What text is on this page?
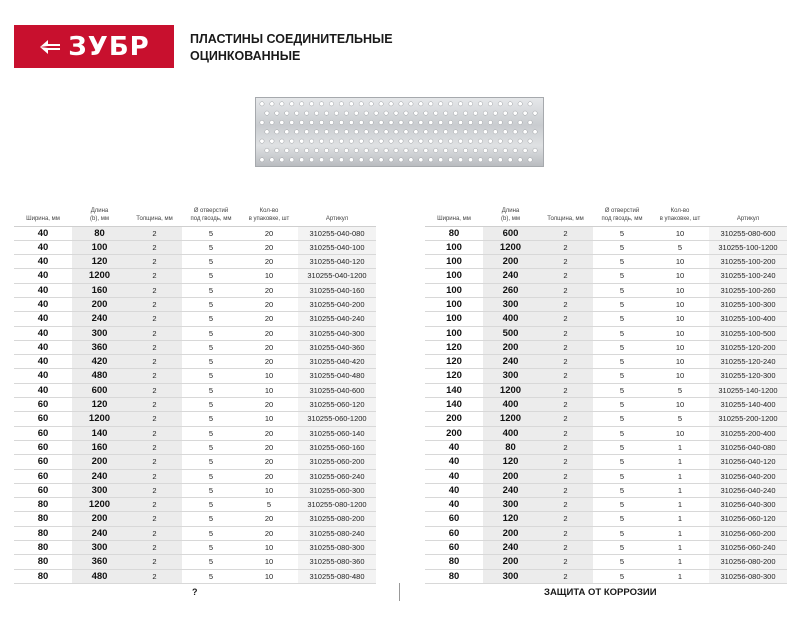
ЗУБР	ПЛАСТИНЫ СОЕДИНИТЕЛЬНЫЕ
ОЦИНКОВАННЫЕ
Ширина, мм	Длина
(b), мм	Толщина, мм	Ø отверстий
под гвоздь, мм	Кол-во
в упаковке, шт	Артикул
40	80	2	5	20	310255-040-080
40	100	2	5	20	310255-040-100
40	120	2	5	20	310255-040-120
40	1200	2	5	10	310255-040-1200
40	160	2	5	20	310255-040-160
40	200	2	5	20	310255-040-200
40	240	2	5	20	310255-040-240
40	300	2	5	20	310255-040-300
40	360	2	5	20	310255-040-360
40	420	2	5	20	310255-040-420
40	480	2	5	10	310255-040-480
40	600	2	5	10	310255-040-600
60	120	2	5	20	310255-060-120
60	1200	2	5	10	310255-060-1200
60	140	2	5	20	310255-060-140
60	160	2	5	20	310255-060-160
60	200	2	5	20	310255-060-200
60	240	2	5	20	310255-060-240
60	300	2	5	10	310255-060-300
80	1200	2	5	5	310255-080-1200
80	200	2	5	20	310255-080-200
80	240	2	5	20	310255-080-240
80	300	2	5	10	310255-080-300
80	360	2	5	10	310255-080-360
80	480	2	5	10	310255-080-480
Ширина, мм	Длина
(b), мм	Толщина, мм	Ø отверстий
под гвоздь, мм	Кол-во
в упаковке, шт	Артикул
80	600	2	5	10	310255-080-600
100	1200	2	5	5	310255-100-1200
100	200	2	5	10	310255-100-200
100	240	2	5	10	310255-100-240
100	260	2	5	10	310255-100-260
100	300	2	5	10	310255-100-300
100	400	2	5	10	310255-100-400
100	500	2	5	10	310255-100-500
120	200	2	5	10	310255-120-200
120	240	2	5	10	310255-120-240
120	300	2	5	10	310255-120-300
140	1200	2	5	5	310255-140-1200
140	400	2	5	10	310255-140-400
200	1200	2	5	5	310255-200-1200
200	400	2	5	10	310255-200-400
40	80	2	5	1	310256-040-080
40	120	2	5	1	310256-040-120
40	200	2	5	1	310256-040-200
40	240	2	5	1	310256-040-240
40	300	2	5	1	310256-040-300
60	120	2	5	1	310256-060-120
60	200	2	5	1	310256-060-200
60	240	2	5	1	310256-060-240
80	200	2	5	1	310256-080-200
80	300	2	5	1	310256-080-300
?	ЗАЩИТА ОТ КОРРОЗИИ
